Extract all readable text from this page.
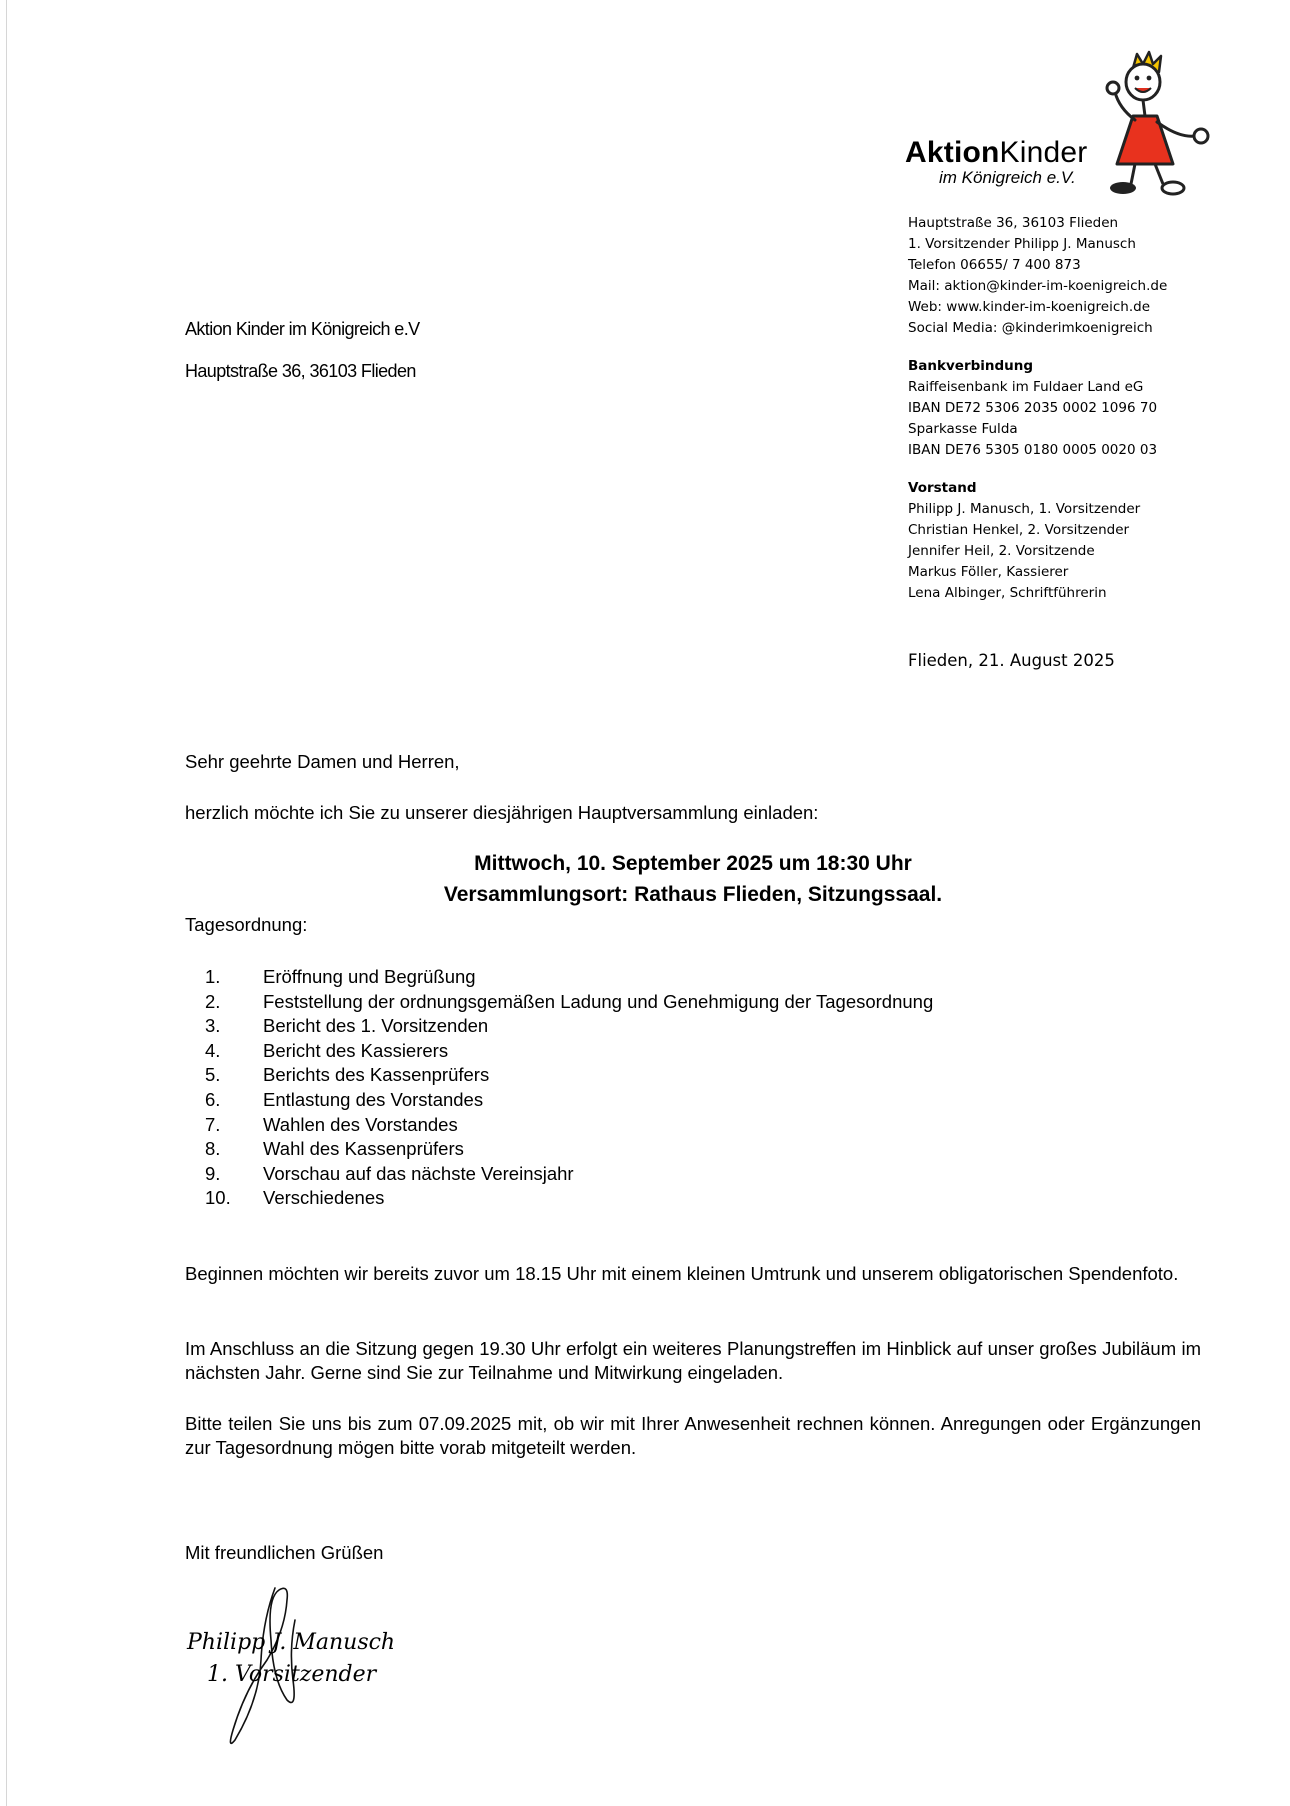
AktionKinder
im Königreich e.V.
Hauptstraße 36, 36103 Flieden
1. Vorsitzender Philipp J. Manusch
Telefon 06655/ 7 400 873
Mail: aktion@kinder-im-koenigreich.de
Web: www.kinder-im-koenigreich.de
Social Media: @kinderimkoenigreich
Bankverbindung
Raiffeisenbank im Fuldaer Land eG
IBAN DE72 5306 2035 0002 1096 70
Sparkasse Fulda
IBAN DE76 5305 0180 0005 0020 03
Vorstand
Philipp J. Manusch, 1. Vorsitzender
Christian Henkel, 2. Vorsitzender
Jennifer Heil, 2. Vorsitzende
Markus Föller, Kassierer
Lena Albinger, Schriftführerin
Flieden, 21. August 2025
Aktion Kinder im Königreich e.V
Hauptstraße 36, 36103 Flieden
Sehr geehrte Damen und Herren,
herzlich möchte ich Sie zu unserer diesjährigen Hauptversammlung einladen:
Mittwoch, 10. September 2025 um 18:30 Uhr
Versammlungsort: Rathaus Flieden, Sitzungssaal.
Tagesordnung:
1. Eröffnung und Begrüßung
2. Feststellung der ordnungsgemäßen Ladung und Genehmigung der Tagesordnung
3. Bericht des 1. Vorsitzenden
4. Bericht des Kassierers
5. Berichts des Kassenprüfers
6. Entlastung des Vorstandes
7. Wahlen des Vorstandes
8. Wahl des Kassenprüfers
9. Vorschau auf das nächste Vereinsjahr
10. Verschiedenes
Beginnen möchten wir bereits zuvor um 18.15 Uhr mit einem kleinen Umtrunk und unserem obligatorischen Spendenfoto.
Im Anschluss an die Sitzung gegen 19.30 Uhr erfolgt ein weiteres Planungstreffen im Hinblick auf unser großes Jubiläum im nächsten Jahr. Gerne sind Sie zur Teilnahme und Mitwirkung eingeladen.
Bitte teilen Sie uns bis zum 07.09.2025 mit, ob wir mit Ihrer Anwesenheit rechnen können. Anregungen oder Ergänzungen zur Tagesordnung mögen bitte vorab mitgeteilt werden.
Mit freundlichen Grüßen
Philipp J. Manusch
1. Vorsitzender
